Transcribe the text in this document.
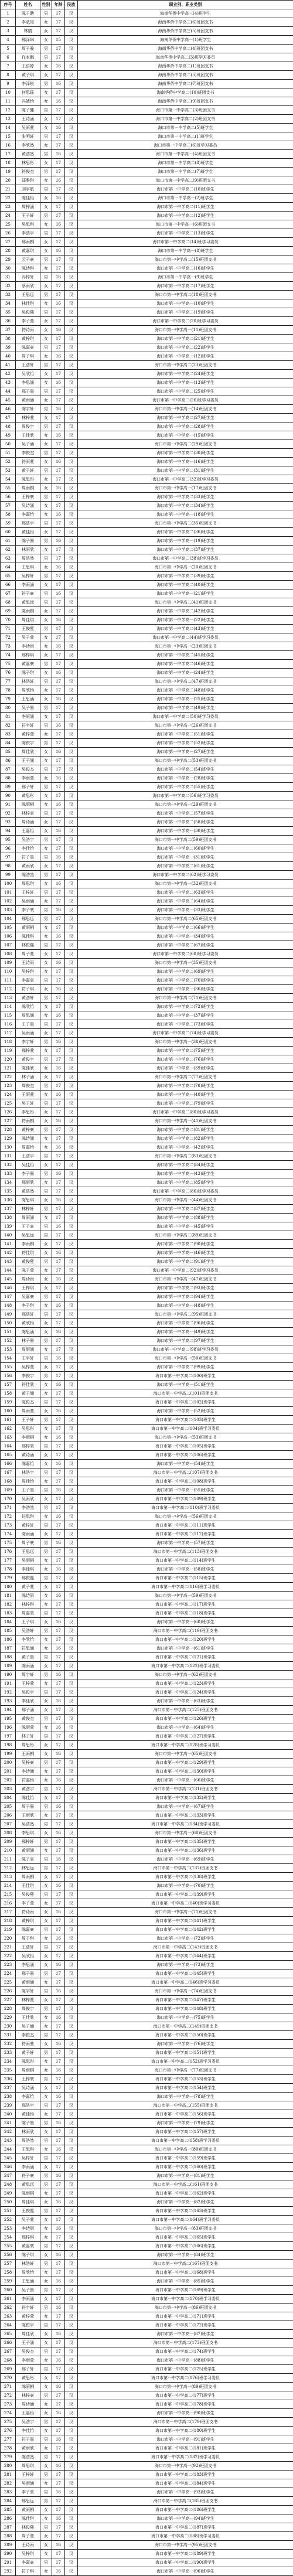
序号	姓名	性别	年龄	民族	职业别、职业类别
1	陈子聘	男	17	汉	海南华侨中学高三(4)班学生
2	李弘知	女	17	汉	海南华侨中学高三(6)班团支书
3	林婧	女	17	汉	海南华侨中学高三(5)班团支书
4	邢泽琳	女	15	汉	海南华侨中学高一(1)班学生
5	周子骏	男	17	汉	海南华侨中学高二(4)班团支书
6	许家鹏	男	17	汉	海南华侨中学高二(3)班学习委员
7	王语婷	女	16	汉	海南华侨中学高二(1)班团支书
8	黄子琪	女	17	汉	海南华侨中学高二(5)班团支书
9	李泽锐	男	16	汉	海南华侨中学高二(7)班团支书
10	何思瑶	女	17	汉	海南华侨中学高二(10)班团支书
11	冯婧怡	女	16	汉	海南华侨中学高二(9)班团支书
12	陈子健	男	17	汉	海口市第一中学高二(3)班团支书
13	王诗涵	女	17	汉	海口市第一中学高二(2)班团支书
14	吴雨萱	女	16	汉	海口市第一中学高二(5)班学生
15	张明轩	男	17	汉	海口市第一中学高二(1)班学生
16	李欣然	女	17	汉	海口市第一中学高二(6)班学习委员
17	黄浩然	男	16	汉	海口市第一中学高一(4)班团支书
18	林思彤	女	17	汉	海口市第一中学高二(8)班学生
19	符俊杰	男	17	汉	海口市第一中学高二(7)班学生
20	郑雅琪	女	16	汉	海口市第一中学高二(9)班团支书
21	刘宇航	男	17	汉	海口市第一中学高二(10)班学生
22	陈佳怡	女	16	汉	海口市第一中学高一(2)班学生
23	周梓涵	女	17	汉	海口市第一中学高二(11)班学生
24	王子轩	男	17	汉	海口市第一中学高二(12)班学生
25	吴思琪	女	16	汉	海口市第一中学高一(6)班团支书
26	李浩宇	男	17	汉	海口市第一中学高二(13)班学生
27	邢雨桐	女	17	汉	海口市第一中学高二(14)班学习委员
28	黄嘉琪	女	16	汉	海口市第一中学高一(8)班学生
29	云子豪	男	17	汉	海口市第一中学高二(15)班团支书
30	陈诗琪	女	17	汉	海口市第一中学高二(16)班学生
31	冯梓轩	男	16	汉	海口市第一中学高一(9)班学生
32	蔡雨欣	女	17	汉	海口市第一中学高二(17)班学生
33	王思远	男	17	汉	海口市第一中学高二(18)班团支书
34	林佳琪	女	16	汉	海口市第一中学高一(10)班学生
35	吴俊熙	男	17	汉	海口市第一中学高二(19)班学生
36	李子萱	女	17	汉	海口市第一中学高二(20)班学习委员
37	符诗雨	女	16	汉	海口市第一中学高一(11)班团支书
38	黄梓琪	女	17	汉	海口市第一中学高二(21)班学生
39	陈嘉豪	男	17	汉	海口市第一中学高二(22)班学生
40	周子琪	女	16	汉	海口市第一中学高一(12)班学生
41	王浩轩	男	17	汉	海口市第一中学高二(23)班团支书
42	吴欣怡	女	17	汉	海口市第一中学高二(24)班学生
43	李思涵	女	16	汉	海口市第一中学高一(13)班学生
44	邢子墨	男	17	汉	海口市第一中学高二(25)班学生
45	黄雨涵	女	17	汉	海口市第一中学高二(26)班学习委员
46	陈宇轩	男	16	汉	海口市第一中学高一(14)班团支书
47	林梓萱	女	17	汉	海口市第一中学高二(27)班学生
48	周俊宇	男	17	汉	海口市第一中学高二(28)班学生
49	王佳欣	女	16	汉	海口市第一中学高一(15)班学生
50	吴子涵	女	17	汉	海口市第一中学高二(29)班团支书
51	李俊杰	男	17	汉	海口市第一中学高二(30)班学生
52	符雨萱	女	16	汉	海口市第一中学高一(16)班学生
53	黄子轩	男	17	汉	海口市第一中学高二(31)班学生
54	陈思彤	女	17	汉	海口市第一中学高二(32)班学习委员
55	周雨桐	女	16	汉	海口市第一中学高一(17)班团支书
56	王梓豪	男	17	汉	海口市第一中学高二(33)班学生
57	吴诗涵	女	17	汉	海口市第一中学高二(34)班学生
58	李嘉怡	女	16	汉	海口市第一中学高一(18)班学生
59	邢浩宇	男	17	汉	海口市第一中学高二(35)班团支书
60	黄佳怡	女	17	汉	海口市第一中学高二(36)班学生
61	陈子墨	男	16	汉	海口市第一中学高一(19)班学生
62	林雨欣	女	17	汉	海口市第一中学高二(37)班学生
63	周浩然	男	17	汉	海口市第一中学高二(38)班学习委员
64	王思琪	女	16	汉	海口市第一中学高一(20)班团支书
65	吴梓轩	男	17	汉	海口市第一中学高二(39)班学生
66	李雨涵	女	17	汉	海口市第一中学高二(40)班学生
67	符子豪	男	16	汉	海口市第一中学高一(21)班学生
68	黄思远	男	17	汉	海口市第一中学高二(41)班团支书
69	陈雨桐	女	17	汉	海口市第一中学高二(42)班学生
70	周佳琪	女	16	汉	海口市第一中学高一(22)班学生
71	王俊熙	男	17	汉	海口市第一中学高二(43)班学生
72	吴子萱	女	17	汉	海口市第一中学高二(44)班学习委员
73	李诗雨	女	16	汉	海口市第一中学高一(23)班团支书
74	邢梓琪	女	17	汉	海口市第一中学高二(45)班学生
75	黄嘉豪	男	17	汉	海口市第一中学高二(46)班学生
76	陈子琪	女	16	汉	海口市第一中学高一(24)班学生
77	林浩轩	男	17	汉	海口市第一中学高二(47)班团支书
78	周欣怡	女	17	汉	海口市第一中学高二(48)班学生
79	王思涵	女	16	汉	海口市第一中学高一(25)班学生
80	吴子墨	男	17	汉	海口市第一中学高二(49)班学生
81	李雨涵	女	17	汉	海口市第一中学高二(50)班学习委员
82	符宇轩	男	16	汉	海口市第一中学高一(26)班团支书
83	黄梓萱	女	17	汉	海口市第一中学高二(51)班学生
84	陈俊宇	男	17	汉	海口市第一中学高二(52)班学生
85	周佳欣	女	16	汉	海口市第一中学高一(27)班学生
86	王子涵	女	17	汉	海口市第一中学高二(53)班团支书
87	吴俊杰	男	17	汉	海口市第一中学高二(54)班学生
88	李雨萱	女	16	汉	海口市第一中学高一(28)班学生
89	邢子轩	男	17	汉	海口市第一中学高二(55)班学生
90	黄思彤	女	17	汉	海口市第一中学高二(56)班学习委员
91	陈雨桐	女	16	汉	海口市第一中学高一(29)班团支书
92	林梓豪	男	17	汉	海口市第一中学高二(57)班学生
93	周诗涵	女	17	汉	海口市第一中学高二(58)班学生
94	王嘉怡	女	16	汉	海口市第一中学高一(30)班学生
95	吴浩宇	男	17	汉	海口市第一中学高二(59)班团支书
96	李佳怡	女	17	汉	海口市第一中学高二(60)班学生
97	符子墨	男	16	汉	海口市第一中学高一(31)班学生
98	黄雨欣	女	17	汉	海口市第一中学高二(61)班学生
99	陈浩然	男	17	汉	海口市第一中学高二(62)班学习委员
100	周思琪	女	16	汉	海口市第一中学高一(32)班团支书
101	王梓轩	男	17	汉	海口市第一中学高二(63)班学生
102	吴雨涵	女	17	汉	海口市第一中学高二(64)班学生
103	李子豪	男	16	汉	海口市第一中学高一(33)班学生
104	邢思远	男	17	汉	海口市第一中学高二(65)班团支书
105	黄雨桐	女	17	汉	海口市第一中学高二(66)班学生
106	陈佳琪	女	16	汉	海口市第一中学高一(34)班学生
107	林俊熙	男	17	汉	海口市第一中学高二(67)班学生
108	周子萱	女	17	汉	海口市第一中学高二(68)班学习委员
109	王诗雨	女	16	汉	海口市第一中学高一(35)班团支书
110	吴梓琪	女	17	汉	海口市第一中学高二(69)班学生
111	李嘉豪	男	17	汉	海口市第一中学高二(70)班学生
112	符子琪	女	16	汉	海口市第一中学高一(36)班学生
113	黄浩轩	男	17	汉	海口市第一中学高二(71)班团支书
114	陈欣怡	女	17	汉	海口市第一中学高二(72)班学生
115	周思涵	女	16	汉	海口市第一中学高一(37)班学生
116	王子墨	男	17	汉	海口市第一中学高二(73)班学生
117	吴雨涵	女	17	汉	海口市第一中学高二(74)班学习委员
118	李宇轩	男	16	汉	海口市第一中学高一(38)班团支书
119	邢梓萱	女	17	汉	海口市第一中学高二(75)班学生
120	黄俊宇	男	17	汉	海口市第一中学高二(76)班学生
121	陈佳欣	女	16	汉	海口市第一中学高一(39)班学生
122	林子涵	女	17	汉	海口市第一中学高二(77)班团支书
123	周俊杰	男	17	汉	海口市第一中学高二(78)班学生
124	王雨萱	女	16	汉	海口市第一中学高一(40)班学生
125	吴子轩	男	17	汉	海口市第一中学高二(79)班学生
126	李思彤	女	17	汉	海口市第一中学高二(80)班学习委员
127	符雨桐	女	16	汉	海口市第一中学高一(41)班团支书
128	黄梓豪	男	17	汉	海口市第一中学高二(81)班学生
129	陈诗涵	女	17	汉	海口市第一中学高二(82)班学生
130	周嘉怡	女	16	汉	海口市第一中学高一(42)班学生
131	王浩宇	男	17	汉	海口市第一中学高二(83)班团支书
132	吴佳怡	女	17	汉	海口市第一中学高二(84)班学生
133	李子墨	男	16	汉	海口市第一中学高一(43)班学生
134	邢雨欣	女	17	汉	海口市第一中学高二(85)班学生
135	黄浩然	男	17	汉	海口市第一中学高二(86)班学习委员
136	陈思琪	女	16	汉	海口市第一中学高一(44)班团支书
137	林梓轩	男	17	汉	海口市第一中学高二(87)班学生
138	周雨涵	女	17	汉	海口市第一中学高二(88)班学生
139	王子豪	男	16	汉	海口市第一中学高一(45)班学生
140	吴思远	男	17	汉	海口市第一中学高二(89)班团支书
141	李雨桐	女	17	汉	海口市第一中学高二(90)班学生
142	符佳琪	女	16	汉	海口市第一中学高一(46)班学生
143	黄俊熙	男	17	汉	海口市第一中学高二(91)班学生
144	陈子萱	女	17	汉	海口市第一中学高二(92)班学习委员
145	周诗雨	女	16	汉	海口市第一中学高一(47)班团支书
146	王梓琪	女	17	汉	海口市第一中学高二(93)班学生
147	吴嘉豪	男	17	汉	海口市第一中学高二(94)班学生
148	李子琪	女	16	汉	海口市第一中学高一(48)班学生
149	邢浩轩	男	17	汉	海口市第一中学高二(95)班团支书
150	黄欣怡	女	17	汉	海口市第一中学高二(96)班学生
151	陈思涵	女	16	汉	海口市第一中学高一(49)班学生
152	林子墨	男	17	汉	海口市第一中学高二(97)班学生
153	周雨涵	女	17	汉	海口市第一中学高二(98)班学习委员
154	王宇轩	男	16	汉	海口市第一中学高一(50)班团支书
155	吴梓萱	女	17	汉	海口市第一中学高二(99)班学生
156	李俊宇	男	17	汉	海口市第一中学高二(100)班学生
157	符佳欣	女	16	汉	海口市第一中学高一(51)班学生
158	黄子涵	女	17	汉	海口市第一中学高二(101)班团支书
159	陈俊杰	男	17	汉	海口市第一中学高二(102)班学生
160	周雨萱	女	16	汉	海口市第一中学高一(52)班学生
161	王子轩	男	17	汉	海口市第一中学高二(103)班学生
162	吴思彤	女	17	汉	海口市第一中学高二(104)班学习委员
163	李雨桐	女	16	汉	海口市第一中学高一(53)班团支书
164	邢梓豪	男	17	汉	海口市第一中学高二(105)班学生
165	黄诗涵	女	17	汉	海口市第一中学高二(106)班学生
166	陈嘉怡	女	16	汉	海口市第一中学高一(54)班学生
167	林浩宇	男	17	汉	海口市第一中学高二(107)班团支书
168	周佳怡	女	17	汉	海口市第一中学高二(108)班学生
169	王子墨	男	16	汉	海口市第一中学高一(55)班学生
170	吴雨欣	女	17	汉	海口市第一中学高二(109)班学生
171	李浩然	男	17	汉	海口市第一中学高二(110)班学习委员
172	符思琪	女	16	汉	海口市第一中学高一(56)班团支书
173	黄梓轩	男	17	汉	海口市第一中学高二(111)班学生
174	陈雨涵	女	17	汉	海口市第一中学高二(112)班学生
175	周子豪	男	16	汉	海口市第一中学高一(57)班学生
176	王思远	男	17	汉	海口市第一中学高二(113)班团支书
177	吴雨桐	女	17	汉	海口市第一中学高二(114)班学生
178	李佳琪	女	16	汉	海口市第一中学高一(58)班学生
179	邢俊熙	男	17	汉	海口市第一中学高二(115)班学生
180	黄子萱	女	17	汉	海口市第一中学高二(116)班学习委员
181	陈诗雨	女	16	汉	海口市第一中学高一(59)班团支书
182	林梓琪	女	17	汉	海口市第一中学高二(117)班学生
183	周嘉豪	男	17	汉	海口市第一中学高二(118)班学生
184	王子琪	女	16	汉	海口市第一中学高一(60)班学生
185	吴浩轩	男	17	汉	海口市第一中学高二(119)班团支书
186	李欣怡	女	17	汉	海口市第一中学高二(120)班学生
187	符思涵	女	16	汉	海口市第一中学高一(61)班学生
188	黄子墨	男	17	汉	海口市第一中学高二(121)班学生
189	陈雨涵	女	17	汉	海口市第一中学高二(122)班学习委员
190	周宇轩	男	16	汉	海口市第一中学高一(62)班团支书
191	王梓萱	女	17	汉	海口市第一中学高二(123)班学生
192	吴俊宇	男	17	汉	海口市第一中学高二(124)班学生
193	李佳欣	女	16	汉	海口市第一中学高一(63)班学生
194	邢子涵	女	17	汉	海口市第一中学高二(125)班团支书
195	黄俊杰	男	17	汉	海口市第一中学高二(126)班学生
196	陈雨萱	女	16	汉	海口市第一中学高一(64)班学生
197	林子轩	男	17	汉	海口市第一中学高二(127)班学生
198	周思彤	女	17	汉	海口市第一中学高二(128)班学习委员
199	王雨桐	女	16	汉	海口市第一中学高一(65)班团支书
200	吴梓豪	男	17	汉	海口市第一中学高二(129)班学生
201	李诗涵	女	17	汉	海口市第一中学高二(130)班学生
202	符嘉怡	女	16	汉	海口市第一中学高一(66)班学生
203	黄浩宇	男	17	汉	海口市第一中学高二(131)班团支书
204	陈佳怡	女	17	汉	海口市第一中学高二(132)班学生
205	周子墨	男	16	汉	海口市第一中学高一(67)班学生
206	王雨欣	女	17	汉	海口市第一中学高二(133)班学生
207	吴浩然	男	17	汉	海口市第一中学高二(134)班学习委员
208	李思琪	女	16	汉	海口市第一中学高一(68)班团支书
209	邢梓轩	男	17	汉	海口市第一中学高二(135)班学生
210	黄雨涵	女	17	汉	海口市第一中学高二(136)班学生
211	陈子豪	男	16	汉	海口市第一中学高一(69)班学生
212	林思远	男	17	汉	海口市第一中学高二(137)班团支书
213	周雨桐	女	17	汉	海口市第一中学高二(138)班学生
214	王佳琪	女	16	汉	海口市第一中学高一(70)班学生
215	吴俊熙	男	17	汉	海口市第一中学高二(139)班学生
216	李子萱	女	17	汉	海口市第一中学高二(140)班学习委员
217	符诗雨	女	16	汉	海口市第一中学高一(71)班团支书
218	黄梓琪	女	17	汉	海口市第一中学高二(141)班学生
219	陈嘉豪	男	17	汉	海口市第一中学高二(142)班学生
220	周子琪	女	16	汉	海口市第一中学高一(72)班学生
221	王浩轩	男	17	汉	海口市第一中学高二(143)班团支书
222	吴欣怡	女	17	汉	海口市第一中学高二(144)班学生
223	李思涵	女	16	汉	海口市第一中学高一(73)班学生
224	邢子墨	男	17	汉	海口市第一中学高二(145)班学生
225	黄雨涵	女	17	汉	海口市第一中学高二(146)班学习委员
226	陈宇轩	男	16	汉	海口市第一中学高一(74)班团支书
227	林梓萱	女	17	汉	海口市第一中学高二(147)班学生
228	周俊宇	男	17	汉	海口市第一中学高二(148)班学生
229	王佳欣	女	16	汉	海口市第一中学高一(75)班学生
230	吴子涵	女	17	汉	海口市第一中学高二(149)班团支书
231	李俊杰	男	17	汉	海口市第一中学高二(150)班学生
232	符雨萱	女	16	汉	海口市第一中学高一(76)班学生
233	黄子轩	男	17	汉	海口市第一中学高二(151)班学生
234	陈思彤	女	17	汉	海口市第一中学高二(152)班学习委员
235	周雨桐	女	16	汉	海口市第一中学高一(77)班团支书
236	王梓豪	男	17	汉	海口市第一中学高二(153)班学生
237	吴诗涵	女	17	汉	海口市第一中学高二(154)班学生
238	李嘉怡	女	16	汉	海口市第一中学高一(78)班学生
239	邢浩宇	男	17	汉	海口市第一中学高二(155)班团支书
240	黄佳怡	女	17	汉	海口市第一中学高二(156)班学生
241	陈子墨	男	16	汉	海口市第一中学高一(79)班学生
242	林雨欣	女	17	汉	海口市第一中学高二(157)班学生
243	周浩然	男	17	汉	海口市第一中学高二(158)班学习委员
244	王思琪	女	16	汉	海口市第一中学高一(80)班团支书
245	吴梓轩	男	17	汉	海口市第一中学高二(159)班学生
246	李雨涵	女	17	汉	海口市第一中学高二(160)班学生
247	符子豪	男	16	汉	海口市第一中学高一(81)班学生
248	黄思远	男	17	汉	海口市第一中学高二(161)班团支书
249	陈雨桐	女	17	汉	海口市第一中学高二(162)班学生
250	周佳琪	女	16	汉	海口市第一中学高一(82)班学生
251	王俊熙	男	17	汉	海口市第一中学高二(163)班学生
252	吴子萱	女	17	汉	海口市第一中学高二(164)班学习委员
253	李诗雨	女	16	汉	海口市第一中学高一(83)班团支书
254	邢梓琪	女	17	汉	海口市第一中学高二(165)班学生
255	黄嘉豪	男	17	汉	海口市第一中学高二(166)班学生
256	陈子琪	女	16	汉	海口市第一中学高一(84)班学生
257	林浩轩	男	17	汉	海口市第一中学高二(167)班团支书
258	周欣怡	女	17	汉	海口市第一中学高二(168)班学生
259	王思涵	女	16	汉	海口市第一中学高一(85)班学生
260	吴子墨	男	17	汉	海口市第一中学高二(169)班学生
261	李雨涵	女	17	汉	海口市第一中学高二(170)班学习委员
262	符宇轩	男	16	汉	海口市第一中学高一(86)班团支书
263	黄梓萱	女	17	汉	海口市第一中学高二(171)班学生
264	陈俊宇	男	17	汉	海口市第一中学高二(172)班学生
265	周佳欣	女	16	汉	海口市第一中学高一(87)班学生
266	王子涵	女	17	汉	海口市第一中学高二(173)班团支书
267	吴俊杰	男	17	汉	海口市第一中学高二(174)班学生
268	李雨萱	女	16	汉	海口市第一中学高一(88)班学生
269	邢子轩	男	17	汉	海口市第一中学高二(175)班学生
270	黄思彤	女	17	汉	海口市第一中学高二(176)班学习委员
271	陈雨桐	女	16	汉	海口市第一中学高一(89)班团支书
272	林梓豪	男	17	汉	海口市第一中学高二(177)班学生
273	周诗涵	女	17	汉	海口市第一中学高二(178)班学生
274	王嘉怡	女	16	汉	海口市第一中学高一(90)班学生
275	吴浩宇	男	17	汉	海口市第一中学高二(179)班团支书
276	李佳怡	女	17	汉	海口市第一中学高二(180)班学生
277	符子墨	男	16	汉	海口市第一中学高一(91)班学生
278	黄雨欣	女	17	汉	海口市第一中学高二(181)班学生
279	陈浩然	男	17	汉	海口市第一中学高二(182)班学习委员
280	周思琪	女	16	汉	海口市第一中学高一(92)班团支书
281	王梓轩	男	17	汉	海口市第一中学高二(183)班学生
282	吴雨涵	女	17	汉	海口市第一中学高二(184)班学生
283	李子豪	男	16	汉	海口市第一中学高一(93)班学生
284	邢思远	男	17	汉	海口市第一中学高二(185)班团支书
285	黄雨桐	女	17	汉	海口市第一中学高二(186)班学生
286	陈佳琪	女	16	汉	海口市第一中学高一(94)班学生
287	林俊熙	男	17	汉	海口市第一中学高二(187)班学生
288	周子萱	女	17	汉	海口市第一中学高二(188)班学习委员
289	王诗雨	女	16	汉	海口市第一中学高一(95)班团支书
290	吴梓琪	女	17	汉	海口市第一中学高二(189)班学生
291	李嘉豪	男	17	汉	海口市第一中学高二(190)班学生
292	符子琪	女	16	汉	海口市第一中学高一(96)班学生
